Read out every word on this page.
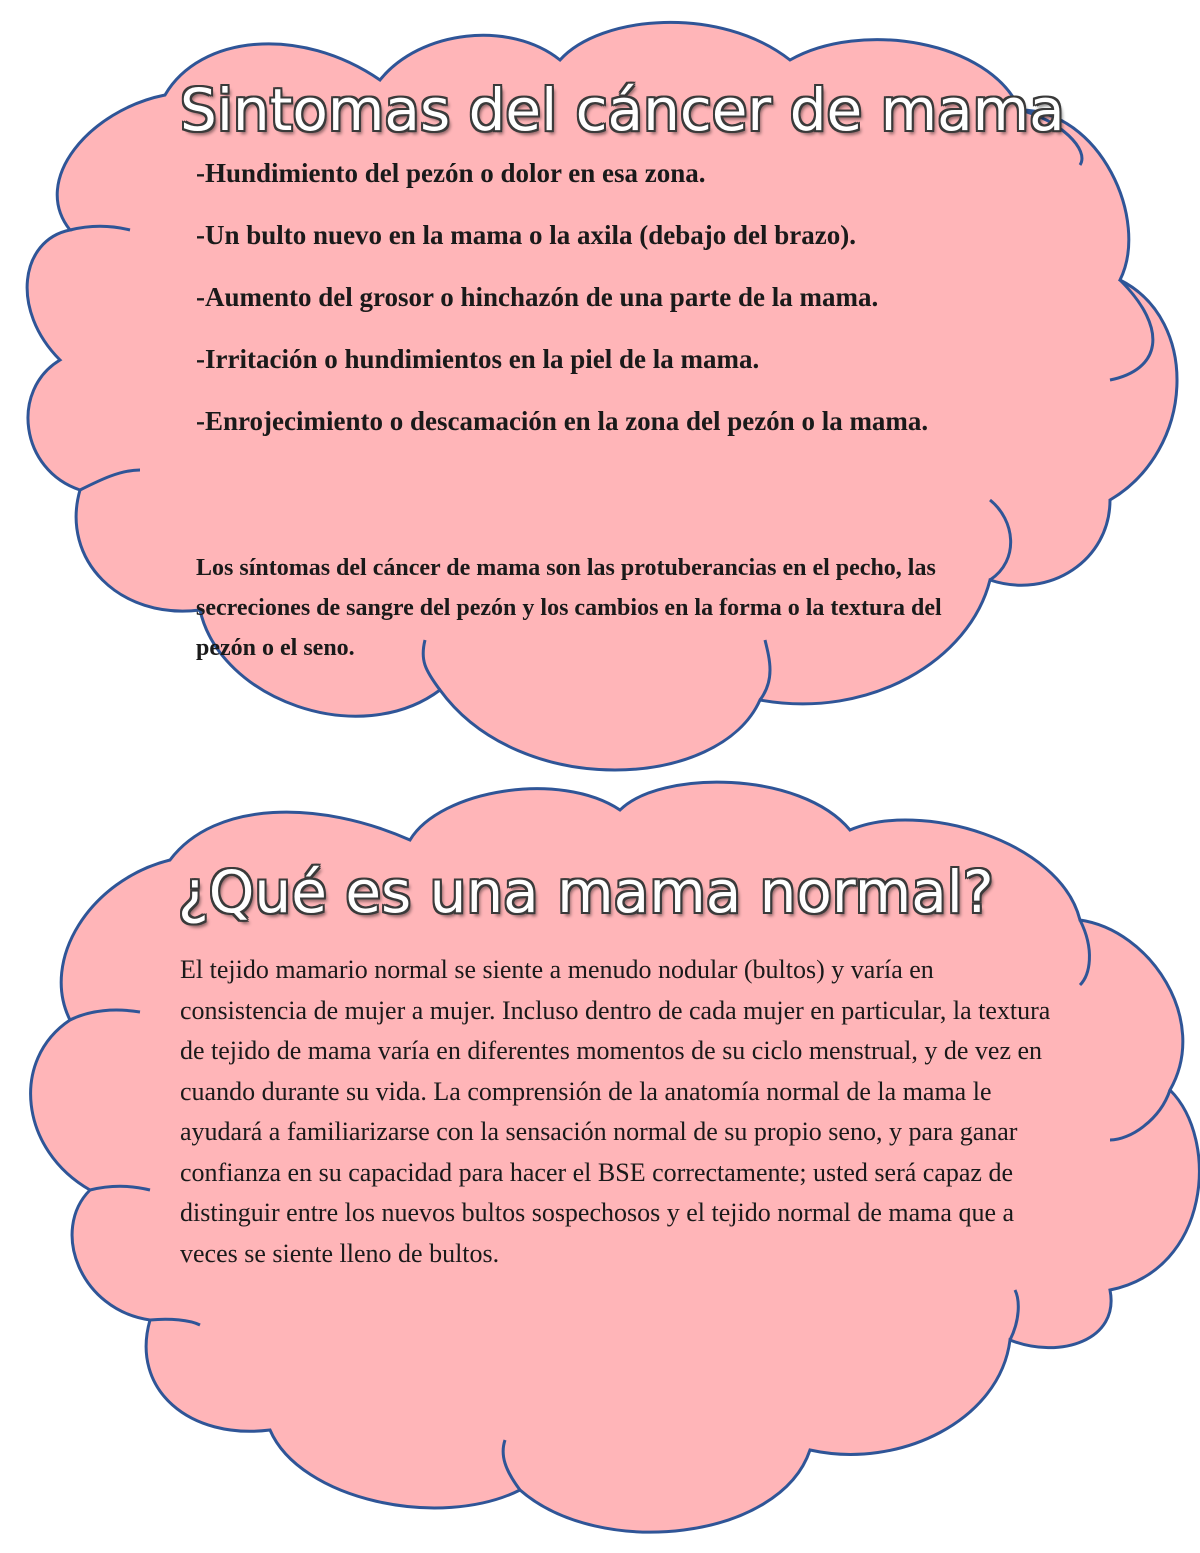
Sintomas del cáncer de mama
-Hundimiento del pezón o dolor en esa zona.
-Un bulto nuevo en la mama o la axila (debajo del brazo).
-Aumento del grosor o hinchazón de una parte de la mama.
-Irritación o hundimientos en la piel de la mama.
-Enrojecimiento o descamación en la zona del pezón o la mama.

Los síntomas del cáncer de mama son las protuberancias en el pecho, las secreciones de sangre del pezón y los cambios en la forma o la textura del pezón o el seno.

¿Qué es una mama normal?

El tejido mamario normal se siente a menudo nodular (bultos) y varía en consistencia de mujer a mujer. Incluso dentro de cada mujer en particular, la textura de tejido de mama varía en diferentes momentos de su ciclo menstrual, y de vez en cuando durante su vida. La comprensión de la anatomía normal de la mama le ayudará a familiarizarse con la sensación normal de su propio seno, y para ganar confianza en su capacidad para hacer el BSE correctamente; usted será capaz de distinguir entre los nuevos bultos sospechosos y el tejido normal de mama que a veces se siente lleno de bultos.
